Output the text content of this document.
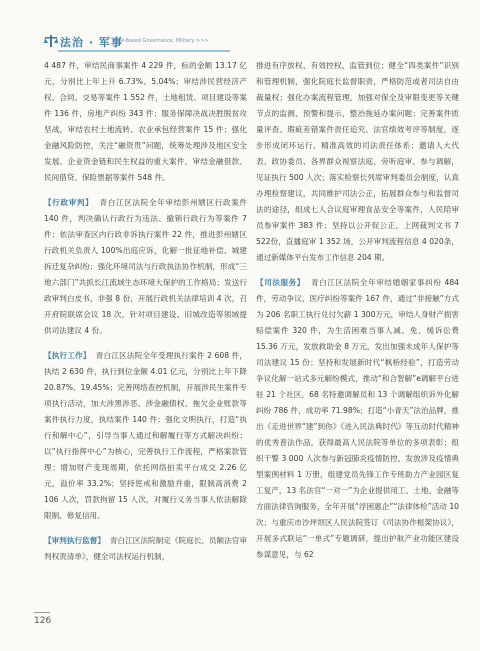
法治 · 军事
Law-Based Governance, Military >>>

4 487 件，审结民商事案件 4 229 件，标的金额 13.17 亿元，分别比上年上升 6.73%、5.04%；审结涉民营经济产权、合同、交易等案件 1 552 件，土地租赁、项目建设等案件 136 件，房地产纠纷 343 件；服务保障决战决胜脱贫攻坚战，审结农村土地流转、农业承包经营案件 15 件；强化金融风险防控，关注“融资贵”问题，统筹处理涉及地区安全发展、企业资金链和民生权益的重大案件，审结金融借款、民间借贷、保险票据等案件 548 件。

【行政审判】 青白江区法院全年审结彭州辖区行政案件 140 件，判决确认行政行为违法、撤销行政行为等案件 7 件；依法审查区内行政非诉执行案件 22 件，推进彭州辖区行政机关负责人 100%出庭应诉，化解一批征地补偿、城建拆迁复杂纠纷；强化环境司法与行政执法协作机制，形成“三地六部门”共抓长江流域生态环境大保护的工作格局；发送行政审判白皮书、非强 8 份，开展行政机关法律培训 4 次，召开府院联席会议 18 次，针对项目建设、旧城改造等领域提供司法建议 4 份。

【执行工作】 青白江区法院全年受理执行案件 2 608 件，执结 2 630 件，执行到位金额 4.01 亿元，分别比上年下降 20.87%、19.45%；完善网络查控机制，开展涉民生案件专项执行活动，加大涉黑涉恶、涉金融债权、拖欠企业账款等案件执行力度，执结案件 140 件；强化文明执行，打造“执行和解中心”，引导当事人通过和解履行等方式解决纠纷；以“执行指挥中心”为核心，完善执行工作流程，严格案款管理；增加财产变现周期，依托网络拍卖平台成交 2.26 亿元，溢价率 33.2%；坚持惩戒和激励并重，限制高消费 2 106 人次，罚款拘留 15 人次，对履行义务当事人依法解除限制、修复信用。

【审判执行监督】 青白江区法院制定《院庭长、员额法官审判权责清单》，健全司法权运行机制，

推进有序放权、有效控权、监管到位；健全“四类案件”识别和管理机制，强化院庭长监督职责，严格防范或者司法自由裁量权；强化办案流程管理，加强对保全及审限变更等关键节点的监测、预警和提示，整治拖延办案问题；完善案件质量评查、瑕疵差错案件责任追究、法官绩效考评等制度，逐步形成闭环运行、精准高效的司法责任体系；邀请人大代表、政协委员、各界群众视察法庭、旁听庭审、参与调解，见证执行 500 人次；落实检察长列席审判委员会制度，认真办理检察建议，共同维护司法公正，拓展群众参与和监督司法的途径，组成七人合议庭审理食品安全等案件，人民陪审员参审案件 383 件；坚持以公开促公正，上网裁判文书 7 522份，直播庭审 1 352 场，公开审判流程信息 4 020条，通过新媒体平台发布工作信息 204 期。

【司法服务】 青白江区法院全年审结婚姻家事纠纷 484 件，劳动争议、医疗纠纷等案件 167 件，通过“非接触”方式为 206 名职工执行兑付欠薪 1 300万元，审结人身财产损害赔偿案件 320 件，为生活困难当事人减、免、缓诉讼费 15.36 万元，发放救助金 8 万元，发出加强未成年人保护等司法建议 15 份；坚持和发展新时代“枫桥经验”，打造劳动争议化解一站式多元解纷模式，推动“和合智解”e调解平台进驻 21 个社区，68 名特邀调解员和 13 个调解组织诉外化解纠纷 786 件，成功率 71.98%；打造“小青天”法治品牌，推出《走进世界“建”到你》《进入民法典时代》等互动时代精神的优秀普法作品，获得最高人民法院等单位的多项表彰；组织干警 3 000 人次参与新冠肺炎疫情防控，发放涉及疫情典型案例材料 1 万册，组建党员先锋工作专班助力产业园区复工复产，13 名法官“一对一”为企业提供用工、土地、金融等方面法律咨询服务，全年开展“浮困惠企”“法律体检”活动 10 次；与重庆市沙坪坝区人民法院签订《司法协作框架协议》，开展多式联运“一单式”专题调研，提出护航产业功能区建设参谋意见，与 62

126
